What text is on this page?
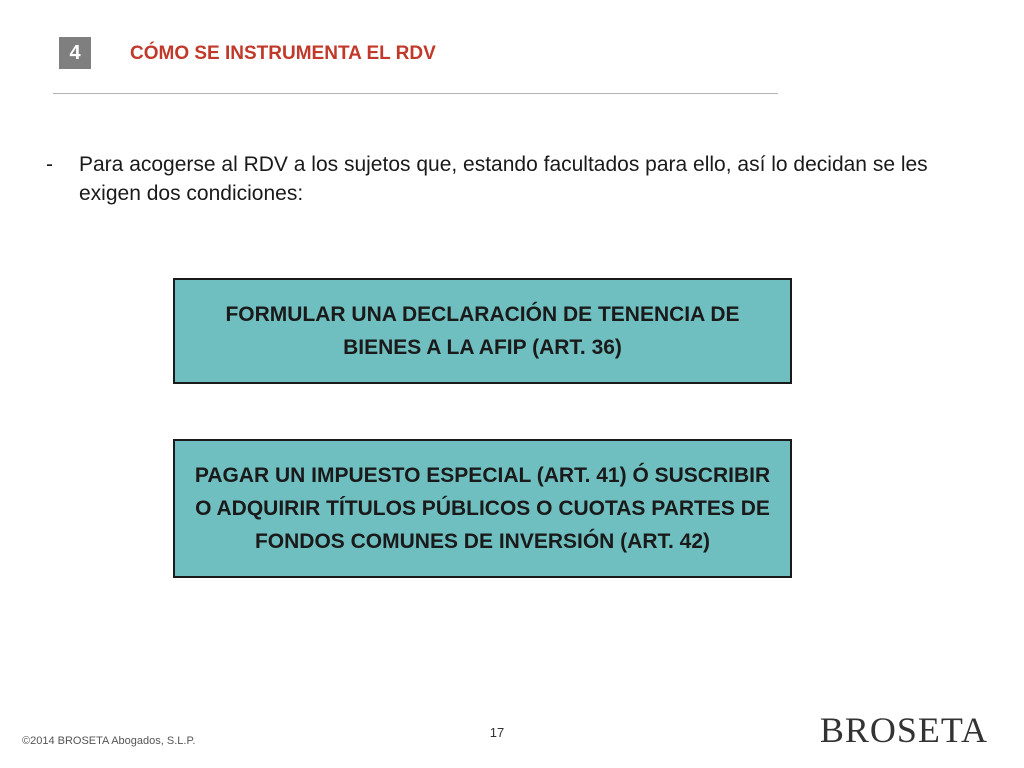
4	CÓMO SE INSTRUMENTA EL RDV
- Para acogerse al RDV a los sujetos que, estando facultados para ello, así lo decidan se les exigen dos condiciones:
FORMULAR UNA DECLARACIÓN DE TENENCIA DE BIENES A LA AFIP (ART. 36)
PAGAR UN IMPUESTO ESPECIAL (ART. 41) Ó SUSCRIBIR O ADQUIRIR TÍTULOS PÚBLICOS O CUOTAS PARTES DE FONDOS COMUNES DE INVERSIÓN (ART. 42)
17
©2014 BROSETA Abogados, S.L.P.	BROSETA
